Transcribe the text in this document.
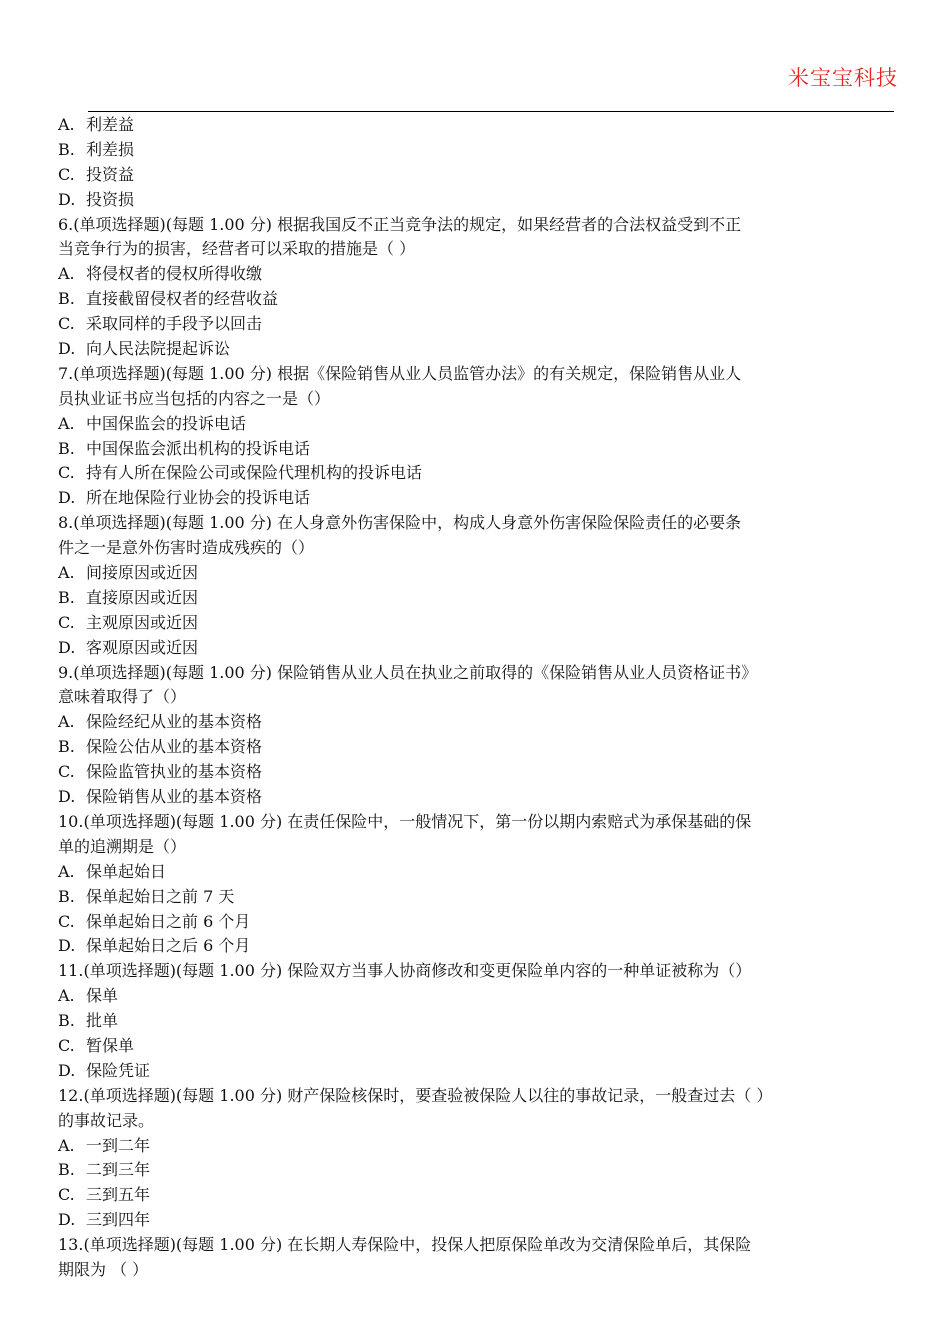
米宝宝科技
A. 利差益
B. 利差损
C. 投资益
D. 投资损
6.(单项选择题)(每题 1.00 分) 根据我国反不正当竞争法的规定，如果经营者的合法权益受到不正
当竞争行为的损害，经营者可以采取的措施是（ ）
A. 将侵权者的侵权所得收缴
B. 直接截留侵权者的经营收益
C. 采取同样的手段予以回击
D. 向人民法院提起诉讼
7.(单项选择题)(每题 1.00 分) 根据《保险销售从业人员监管办法》的有关规定，保险销售从业人
员执业证书应当包括的内容之一是（）
A. 中国保监会的投诉电话
B. 中国保监会派出机构的投诉电话
C. 持有人所在保险公司或保险代理机构的投诉电话
D. 所在地保险行业协会的投诉电话
8.(单项选择题)(每题 1.00 分) 在人身意外伤害保险中，构成人身意外伤害保险保险责任的必要条
件之一是意外伤害时造成残疾的（）
A. 间接原因或近因
B. 直接原因或近因
C. 主观原因或近因
D. 客观原因或近因
9.(单项选择题)(每题 1.00 分) 保险销售从业人员在执业之前取得的《保险销售从业人员资格证书》
意味着取得了（）
A. 保险经纪从业的基本资格
B. 保险公估从业的基本资格
C. 保险监管执业的基本资格
D. 保险销售从业的基本资格
10.(单项选择题)(每题 1.00 分) 在责任保险中，一般情况下，第一份以期内索赔式为承保基础的保
单的追溯期是（）
A. 保单起始日
B. 保单起始日之前 7 天
C. 保单起始日之前 6 个月
D. 保单起始日之后 6 个月
11.(单项选择题)(每题 1.00 分) 保险双方当事人协商修改和变更保险单内容的一种单证被称为（）
A. 保单
B. 批单
C. 暂保单
D. 保险凭证
12.(单项选择题)(每题 1.00 分) 财产保险核保时，要查验被保险人以往的事故记录，一般查过去（ ）
的事故记录。
A. 一到二年
B. 二到三年
C. 三到五年
D. 三到四年
13.(单项选择题)(每题 1.00 分) 在长期人寿保险中，投保人把原保险单改为交清保险单后，其保险
期限为 （ ）
